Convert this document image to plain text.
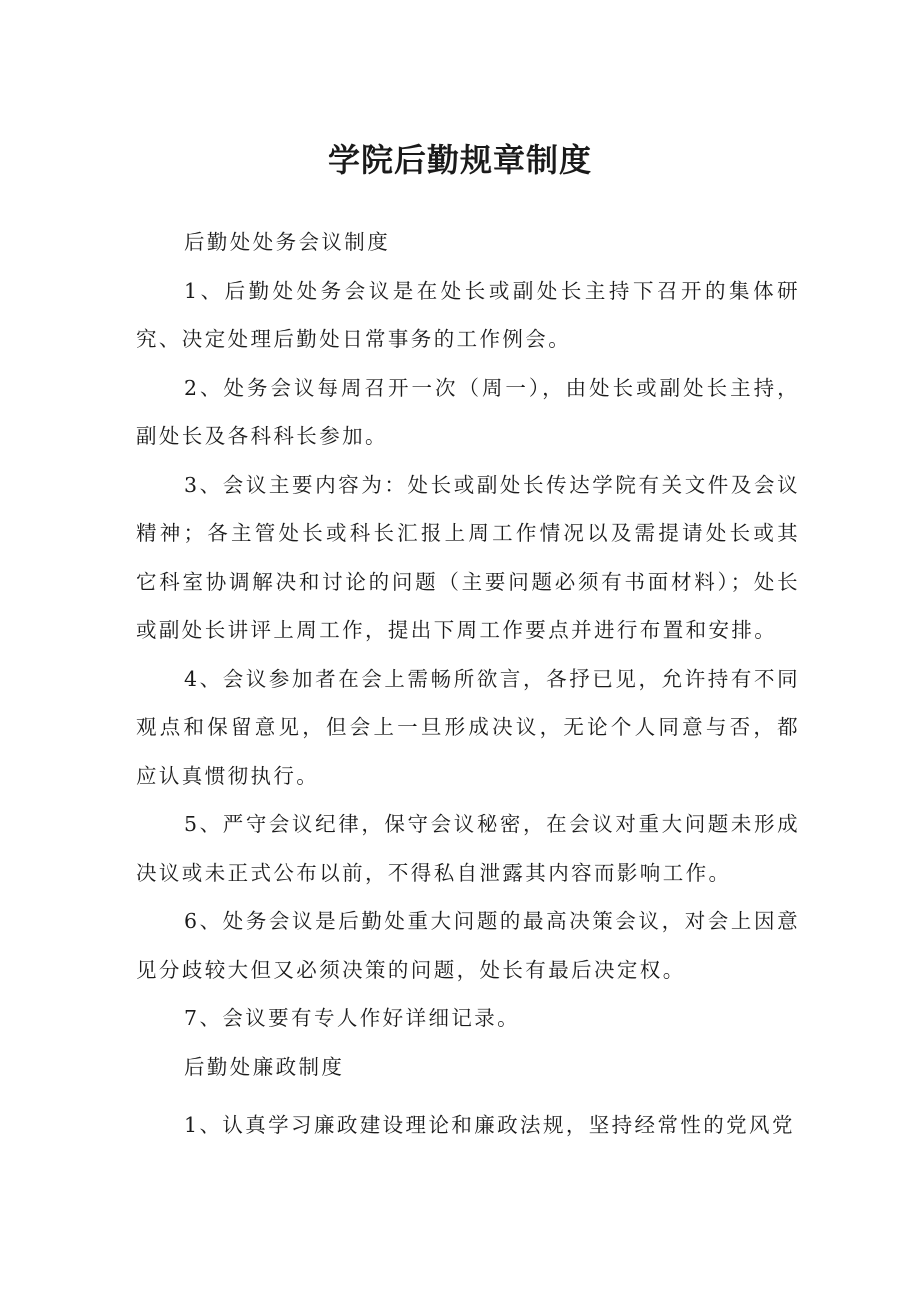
学院后勤规章制度

后勤处处务会议制度

1、后勤处处务会议是在处长或副处长主持下召开的集体研究、决定处理后勤处日常事务的工作例会。

2、处务会议每周召开一次（周一），由处长或副处长主持，副处长及各科科长参加。

3、会议主要内容为：处长或副处长传达学院有关文件及会议精神；各主管处长或科长汇报上周工作情况以及需提请处长或其它科室协调解决和讨论的问题（主要问题必须有书面材料）；处长或副处长讲评上周工作，提出下周工作要点并进行布置和安排。

4、会议参加者在会上需畅所欲言，各抒已见，允许持有不同观点和保留意见，但会上一旦形成决议，无论个人同意与否，都应认真惯彻执行。

5、严守会议纪律，保守会议秘密，在会议对重大问题未形成决议或未正式公布以前，不得私自泄露其内容而影响工作。

6、处务会议是后勤处重大问题的最高决策会议，对会上因意见分歧较大但又必须决策的问题，处长有最后决定权。

7、会议要有专人作好详细记录。

后勤处廉政制度

1、认真学习廉政建设理论和廉政法规，坚持经常性的党风党
